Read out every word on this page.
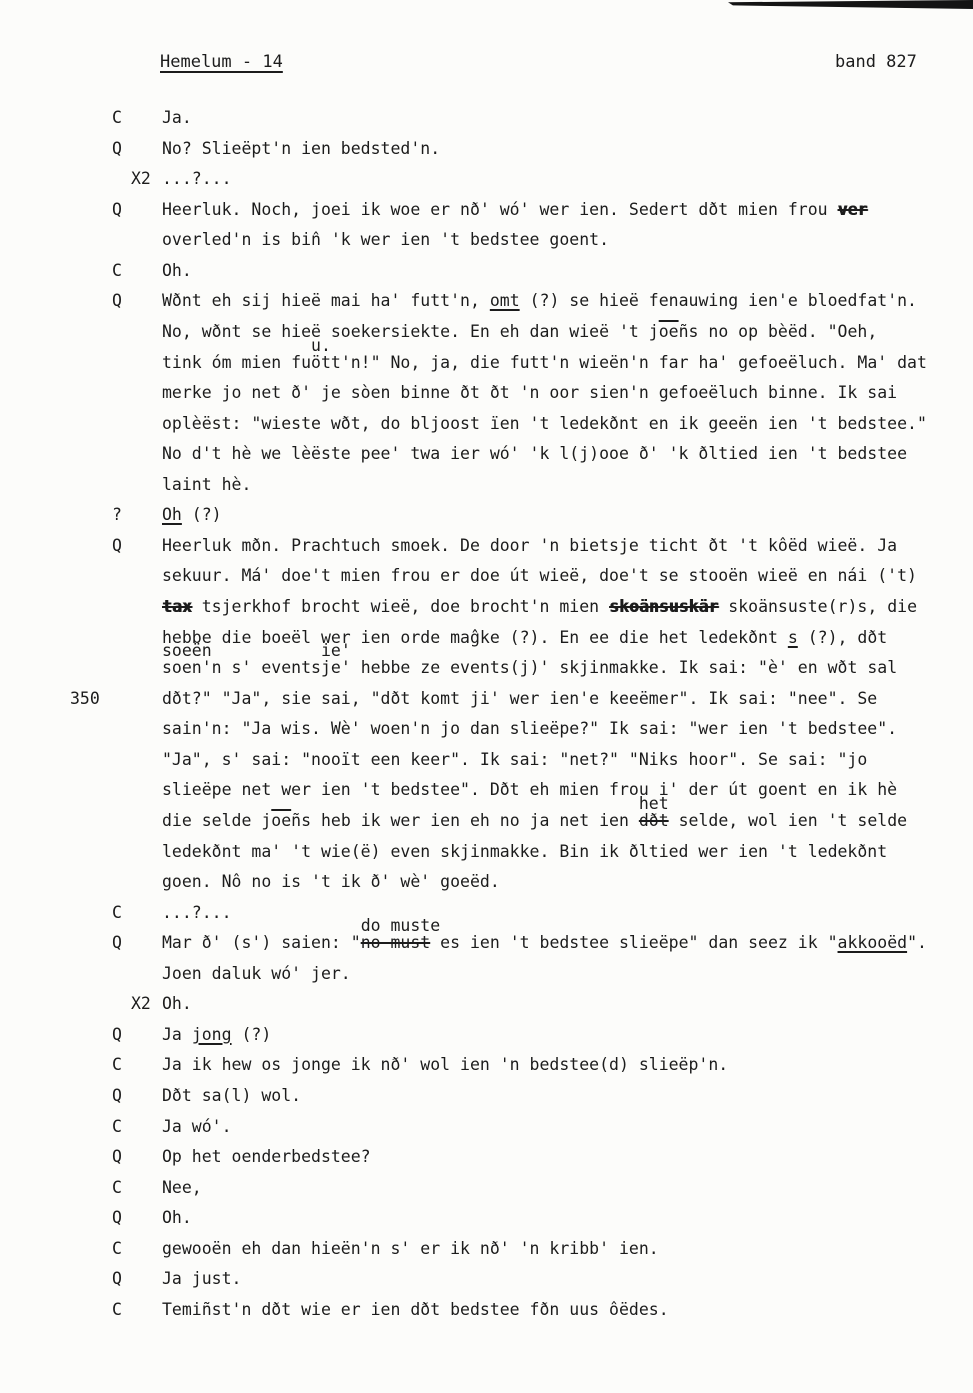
Hemelum - 14	band 827
C	Ja.
Q	No? Slieëpt'n ien bedsted'n.
X2 ...?...
Q	Heerluk. Noch, joei ik woe er nð' wó' wer ien. Sedert dðt mien frou ver
overled'n is bin̂ 'k wer ien 't bedstee goent.
C	Oh.
Q	Wðnt eh sij hieë mai ha' futt'n, omt (?) se hieë fenauwing ien'e bloedfat'n.
No, wðnt se hieë soekersiekte. En eh dan wieë 't $j\overline{oe}ñs$ no op bèëd. "Oeh,
tink óm mien fuött'n!"
u.
No, ja, die futt'n wieën'n far ha' gefoeëluch. Ma' dat
merke jo net ð' je sòen binne ðt ðt 'n oor sien'n gefoeëluch binne. Ik sai
oplèëst: "wieste wðt, do bljoost ïen 't ledekðnt en ik geeën ien 't bedstee."
No d't hè we lèëste pee' twa ier wó' 'k l(j)ooe ð' 'k ðltied ien 't bedstee
laint hè.
?	Oh (?)
Q	Heerluk mðn. Prachtuch smoek. De door 'n bietsje ticht ðt 't kôëd wieë. Ja
sekuur. Má' doe't mien frou er doe út wieë, doe't se stooën wieë en nái ('t)
tax tsjerkhof brocht wieë, doe brocht'n mien skoänsuskär skoänsuste(r)s, die
hebbe die boeël wer ien orde maĝke (?). En ee die het ledekðnt s (?), dðt
soen'n
soeën
s' eventsje'
ie'
hebbe ze events(j)' skjinmakke. Ik sai: "è' en wðt sal
350	dðt?" "Ja", sie sai, "dðt komt ji' wer ien'e keeëmer". Ik sai: "nee". Se
sain'n: "Ja wis. Wè' woen'n jo dan slieëpe?" Ik sai: "wer ien 't bedstee".
"Ja", s' sai: "nooït een keer". Ik sai: "net?" "Niks hoor". Se sai: "jo
slieëpe net wer ien 't bedstee". Dðt eh mien frou i' der út goent en ik hè
die selde $j\overline{oe}ñs$ heb ik wer ien eh no ja net ien dðt
het
selde, wol ien 't selde
ledekðnt ma' 't wie(ë) even skjinmakke. Bin ik ðltied wer ien 't ledekðnt
goen. Nô no is 't ik ð' wè' goeëd.
C	...?...
Q	Mar ð' (s') saien: "no must
do muste
es ien 't bedstee slieëpe" dan seez ik "akkooëd".
Joen daluk wó' jer.
X2 Oh.
Q	Ja jong (?)
C	Ja ik hew os jonge ik nð' wol ien 'n bedstee(d) slieëp'n.
Q	Dðt sa(l) wol.
C	Ja wó'.
Q	Op het oenderbedstee?
C	Nee,
Q	Oh.
C	gewooën eh dan hieën'n s' er ik nð' 'n kribb' ien.
Q	Ja just.
C	Temiñst'n dðt wie er ien dðt bedstee fðn uus ôëdes.
